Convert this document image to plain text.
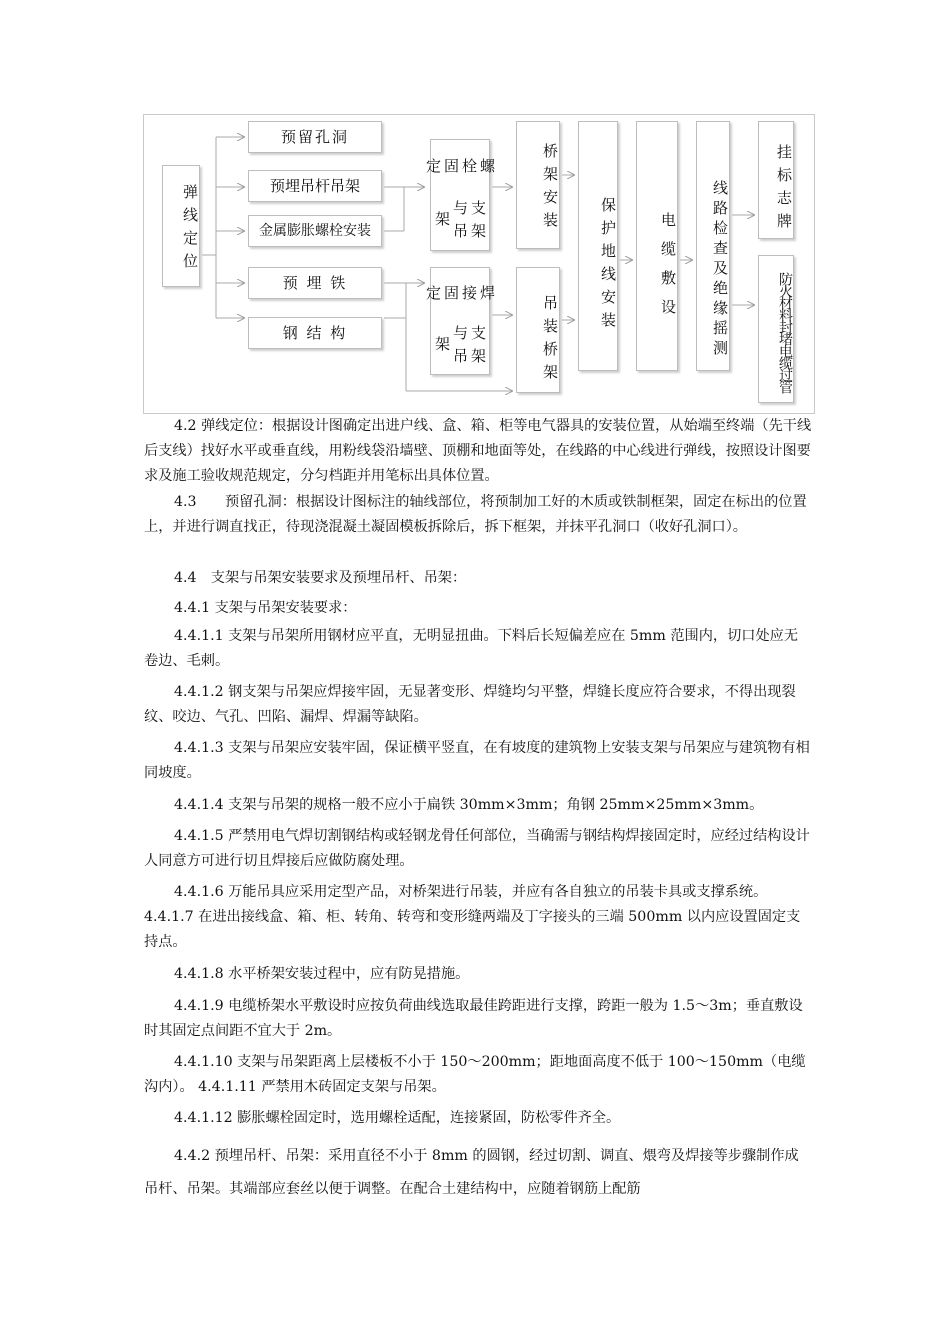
弹线定位
预留孔洞
预埋吊杆吊架
金属膨胀螺栓安装
预 埋 铁
钢 结 构
螺栓固定
支架与吊架
焊接固定
支架与吊架
桥架安装
吊装桥架
保护地线安装	电缆敷设 线路检查及绝缘摇测	挂标志牌
防火材料封堵电缆过管

4.2 弹线定位：根据设计图确定出进户线、盒、箱、柜等电气器具的安装位置，从始端至终端（先干线后支线）找好水平或垂直线，用粉线袋沿墙壁、顶棚和地面等处，在线路的中心线进行弹线，按照设计图要求及施工验收规范规定，分匀档距并用笔标出具体位置。

4.3　　预留孔洞：根据设计图标注的轴线部位，将预制加工好的木质或铁制框架，固定在标出的位置上，并进行调直找正，待现浇混凝土凝固模板拆除后，拆下框架，并抹平孔洞口（收好孔洞口）。

4.4　支架与吊架安装要求及预埋吊杆、吊架：

4.4.1 支架与吊架安装要求：

4.4.1.1 支架与吊架所用钢材应平直，无明显扭曲。下料后长短偏差应在 5mm 范围内，切口处应无卷边、毛刺。

4.4.1.2 钢支架与吊架应焊接牢固，无显著变形、焊缝均匀平整，焊缝长度应符合要求，不得出现裂纹、咬边、气孔、凹陷、漏焊、焊漏等缺陷。

4.4.1.3 支架与吊架应安装牢固，保证横平竖直，在有坡度的建筑物上安装支架与吊架应与建筑物有相同坡度。

4.4.1.4 支架与吊架的规格一般不应小于扁铁 30mm×3mm；角钢 25mm×25mm×3mm。

4.4.1.5 严禁用电气焊切割钢结构或轻钢龙骨任何部位，当确需与钢结构焊接固定时，应经过结构设计人同意方可进行切且焊接后应做防腐处理。

4.4.1.6 万能吊具应采用定型产品，对桥架进行吊装，并应有各自独立的吊装卡具或支撑系统。 4.4.1.7 在进出接线盒、箱、柜、转角、转弯和变形缝两端及丁字接头的三端 500mm 以内应设置固定支持点。

4.4.1.8 水平桥架安装过程中，应有防晃措施。

4.4.1.9 电缆桥架水平敷设时应按负荷曲线选取最佳跨距进行支撑，跨距一般为 1.5～3m；垂直敷设时其固定点间距不宜大于 2m。

4.4.1.10 支架与吊架距离上层楼板不小于 150～200mm；距地面高度不低于 100～150mm（电缆沟内）。 4.4.1.11 严禁用木砖固定支架与吊架。

4.4.1.12 膨胀螺栓固定时，选用螺栓适配，连接紧固，防松零件齐全。

4.4.2 预埋吊杆、吊架：采用直径不小于 8mm 的圆钢，经过切割、调直、煨弯及焊接等步骤制作成吊杆、吊架。其端部应套丝以便于调整。在配合土建结构中，应随着钢筋上配筋
